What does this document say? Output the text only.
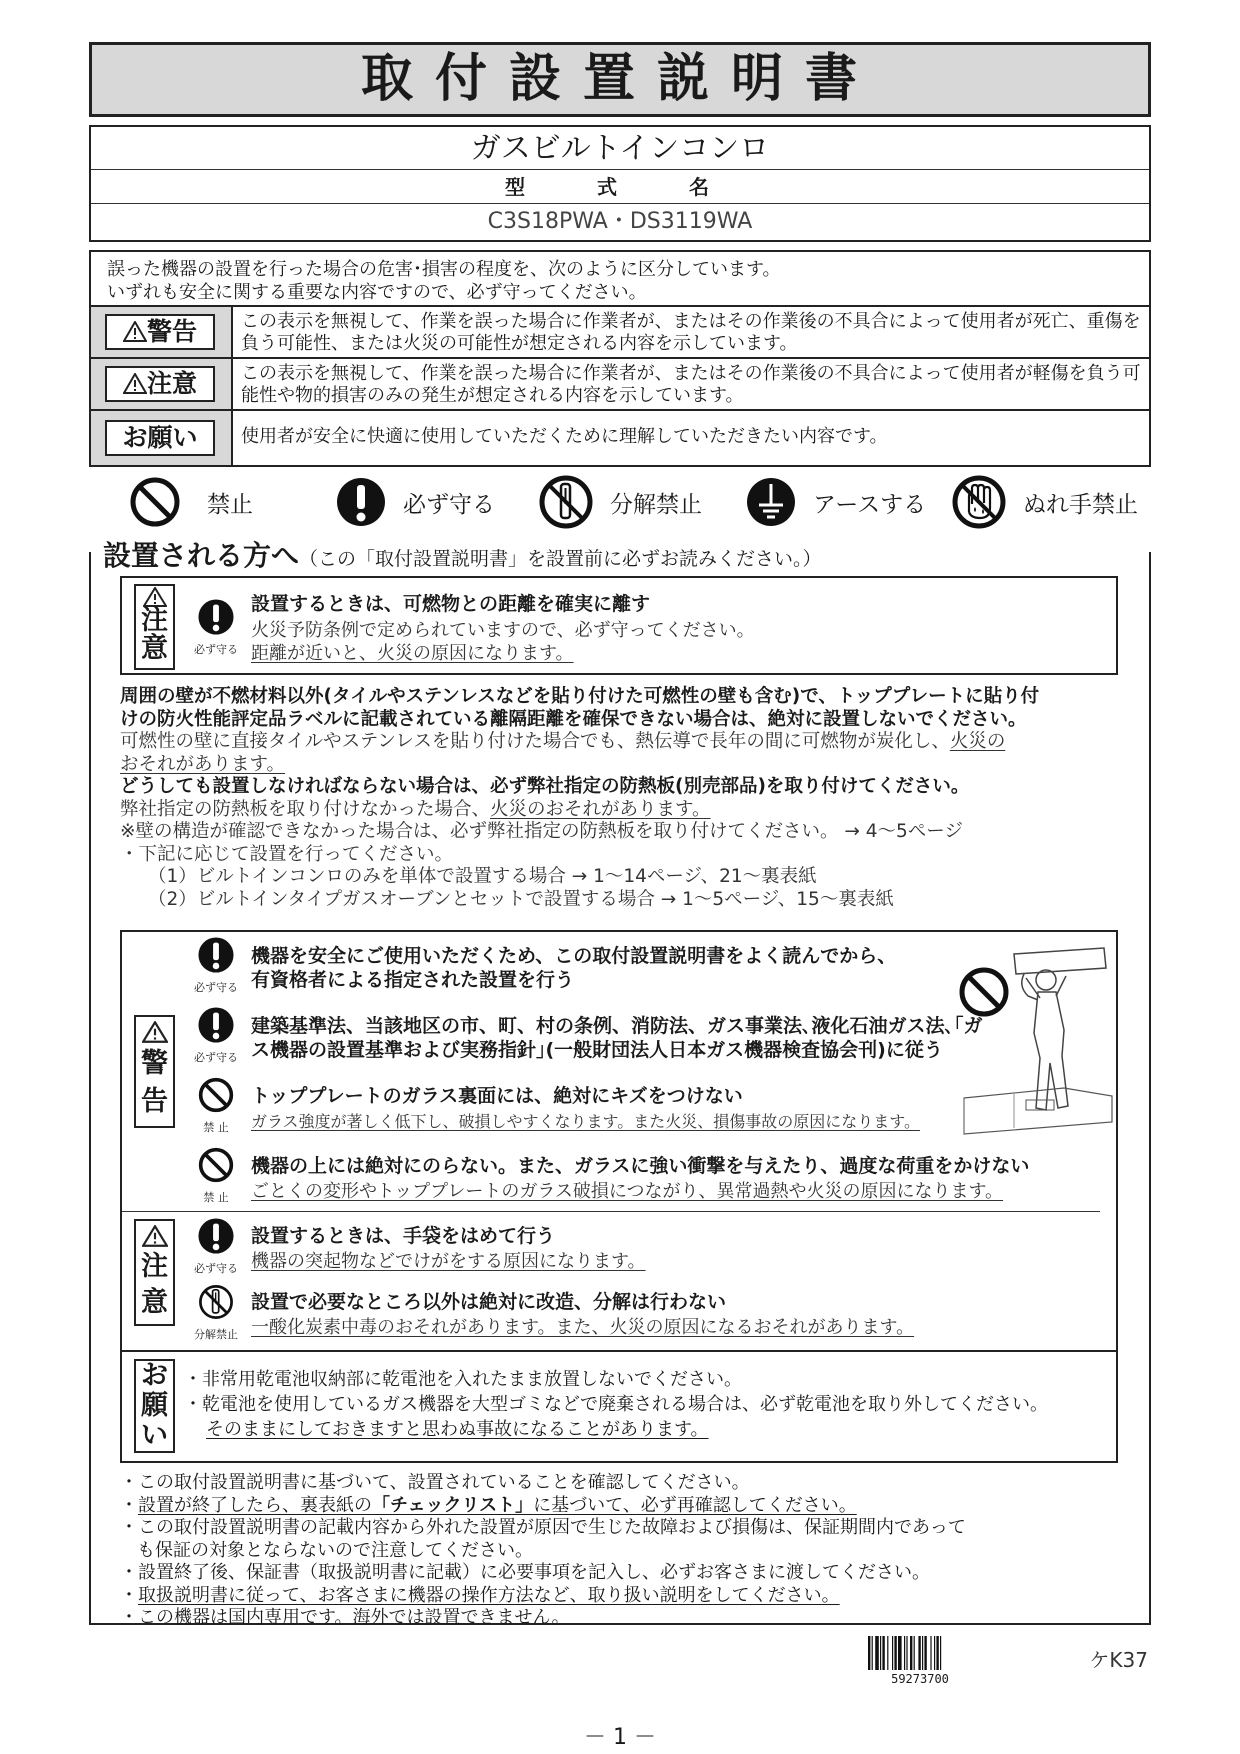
取付設置説明書
ガスビルトインコンロ
型　式　名
C3S18PWA・DS3119WA
誤った機器の設置を行った場合の危害･損害の程度を、次のように区分しています。
いずれも安全に関する重要な内容ですので、必ず守ってください。
警告	この表示を無視して、作業を誤った場合に作業者が、またはその作業後の不具合によって使用者が死亡、重傷を負う可能性、または火災の可能性が想定される内容を示しています。
注意	この表示を無視して、作業を誤った場合に作業者が、またはその作業後の不具合によって使用者が軽傷を負う可能性や物的損害のみの発生が想定される内容を示しています。
お願い	使用者が安全に快適に使用していただくために理解していただきたい内容です。
禁止	必ず守る	分解禁止	アースする	ぬれ手禁止
設置される方へ（この「取付設置説明書」を設置前に必ずお読みください。）
注
意	必ず守る
設置するときは、可燃物との距離を確実に離す
火災予防条例で定められていますので、必ず守ってください。
距離が近いと、火災の原因になります。
周囲の壁が不燃材料以外(タイルやステンレスなどを貼り付けた可燃性の壁も含む)で、トッププレートに貼り付
けの防火性能評定品ラベルに記載されている離隔距離を確保できない場合は、絶対に設置しないでください。
可燃性の壁に直接タイルやステンレスを貼り付けた場合でも、熱伝導で長年の間に可燃物が炭化し、火災の
おそれがあります。
どうしても設置しなければならない場合は、必ず弊社指定の防熱板(別売部品)を取り付けてください。
弊社指定の防熱板を取り付けなかった場合、火災のおそれがあります。
※壁の構造が確認できなかった場合は、必ず弊社指定の防熱板を取り付けてください。 → 4〜5ページ
・下記に応じて設置を行ってください。
（1）ビルトインコンロのみを単体で設置する場合 → 1〜14ページ、21〜裏表紙
（2）ビルトインタイプガスオーブンとセットで設置する場合 → 1〜5ページ、15〜裏表紙
警
告
必ず守る
機器を安全にご使用いただくため、この取付設置説明書をよく読んでから、
有資格者による指定された設置を行う
必ず守る
建築基準法、当該地区の市、町、村の条例、消防法、ガス事業法､液化石油ガス法､｢ガ
ス機器の設置基準および実務指針｣(一般財団法人日本ガス機器検査協会刊)に従う
禁 止
トッププレートのガラス裏面には、絶対にキズをつけない
ガラス強度が著しく低下し、破損しやすくなります。また火災、損傷事故の原因になります。
禁 止
機器の上には絶対にのらない。また、ガラスに強い衝撃を与えたり、過度な荷重をかけない
ごとくの変形やトッププレートのガラス破損につながり、異常過熱や火災の原因になります。
注
意
必ず守る
設置するときは、手袋をはめて行う
機器の突起物などでけがをする原因になります。
分解禁止
設置で必要なところ以外は絶対に改造、分解は行わない
一酸化炭素中毒のおそれがあります。また、火災の原因になるおそれがあります。
お
願
い
・非常用乾電池収納部に乾電池を入れたまま放置しないでください。
・乾電池を使用しているガス機器を大型ゴミなどで廃棄される場合は、必ず乾電池を取り外してください。
そのままにしておきますと思わぬ事故になることがあります。
・この取付設置説明書に基づいて、設置されていることを確認してください。
・設置が終了したら、裏表紙の「チェックリスト」に基づいて、必ず再確認してください。
・この取付設置説明書の記載内容から外れた設置が原因で生じた故障および損傷は、保証期間内であって
も保証の対象とならないので注意してください。
・設置終了後、保証書（取扱説明書に記載）に必要事項を記入し、必ずお客さまに渡してください。
・取扱説明書に従って、お客さまに機器の操作方法など、取り扱い説明をしてください。
・この機器は国内専用です。海外では設置できません。
59273700
ケK37
－ 1 －
